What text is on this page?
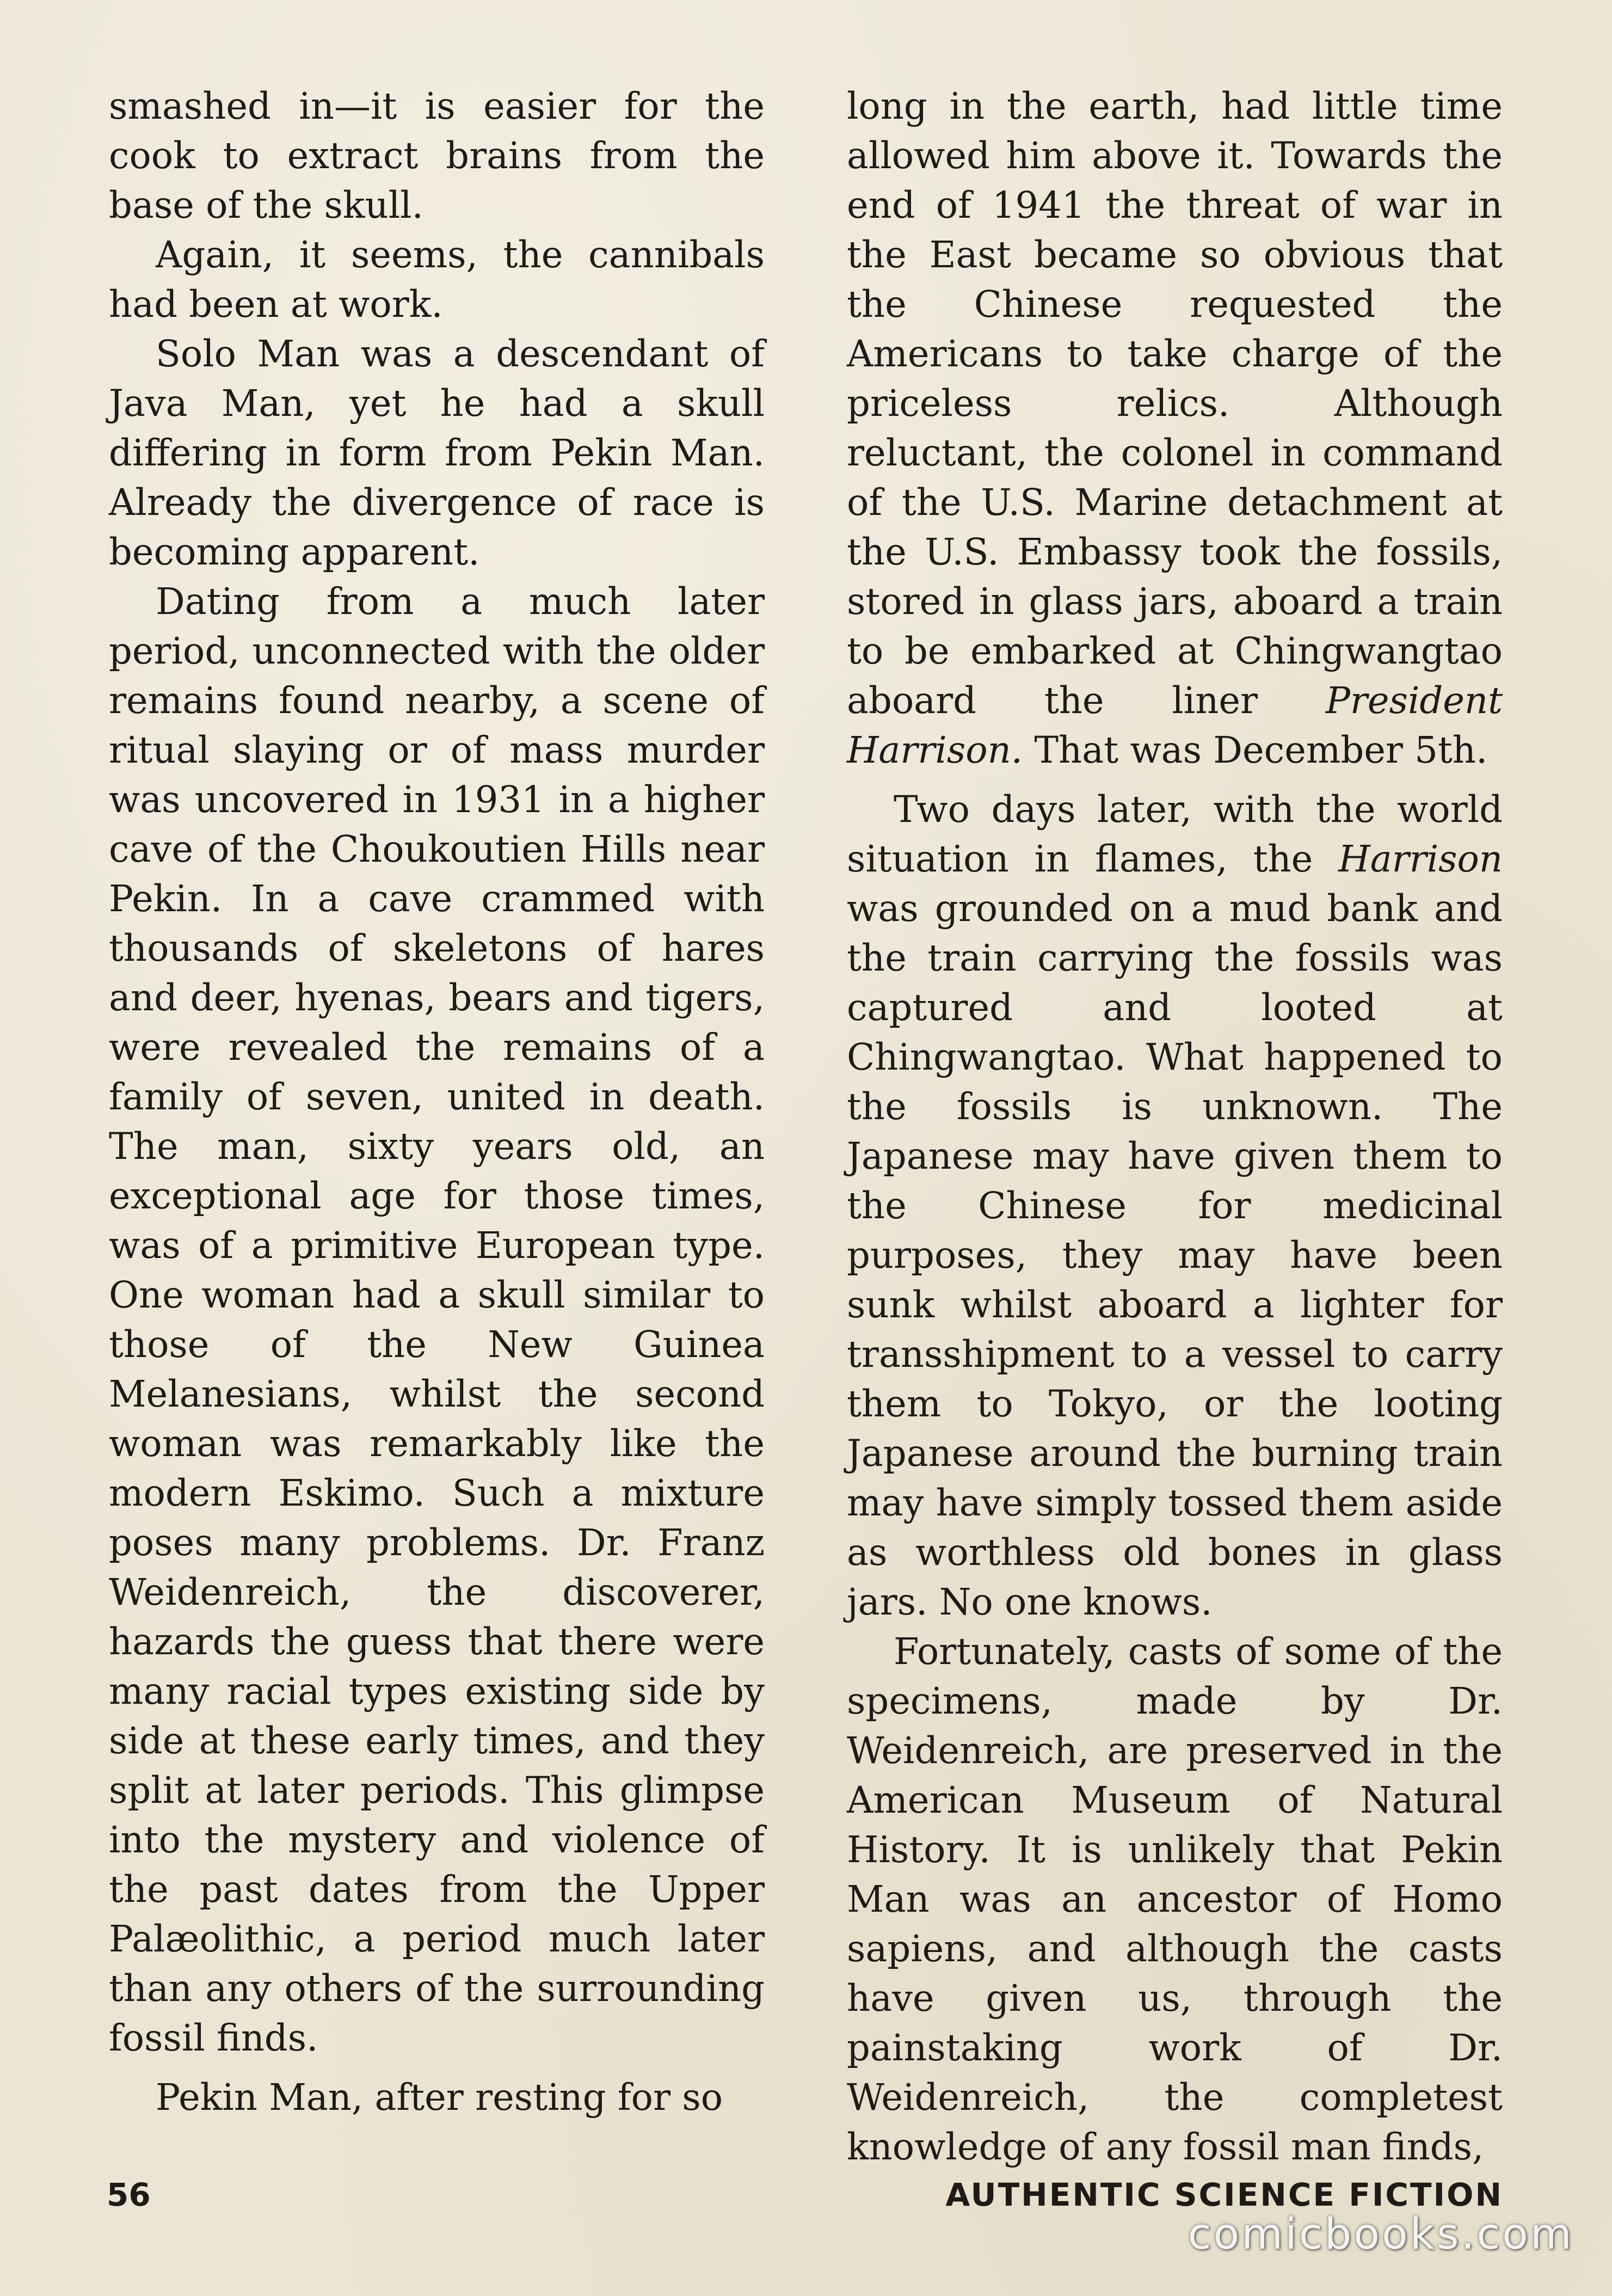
smashed in—it is easier for the cook to extract brains from the base of the skull.

Again, it seems, the cannibals had been at work.

Solo Man was a descendant of Java Man, yet he had a skull differing in form from Pekin Man. Already the divergence of race is becoming apparent.

Dating from a much later period, unconnected with the older remains found nearby, a scene of ritual slaying or of mass murder was uncovered in 1931 in a higher cave of the Choukoutien Hills near Pekin. In a cave crammed with thousands of skeletons of hares and deer, hyenas, bears and tigers, were revealed the remains of a family of seven, united in death. The man, sixty years old, an exceptional age for those times, was of a primitive European type. One woman had a skull similar to those of the New Guinea Melanesians, whilst the second woman was remarkably like the modern Eskimo. Such a mixture poses many problems. Dr. Franz Weidenreich, the discoverer, hazards the guess that there were many racial types existing side by side at these early times, and they split at later periods. This glimpse into the mystery and violence of the past dates from the Upper Palæolithic, a period much later than any others of the surrounding fossil finds.

Pekin Man, after resting for so

long in the earth, had little time allowed him above it. Towards the end of 1941 the threat of war in the East became so obvious that the Chinese requested the Americans to take charge of the priceless relics. Although reluctant, the colonel in command of the U.S. Marine detachment at the U.S. Embassy took the fossils, stored in glass jars, aboard a train to be embarked at Chingwangtao aboard the liner President Harrison. That was December 5th.

Two days later, with the world situation in flames, the Harrison was grounded on a mud bank and the train carrying the fossils was captured and looted at Chingwangtao. What happened to the fossils is unknown. The Japanese may have given them to the Chinese for medicinal purposes, they may have been sunk whilst aboard a lighter for transshipment to a vessel to carry them to Tokyo, or the looting Japanese around the burning train may have simply tossed them aside as worthless old bones in glass jars. No one knows.

Fortunately, casts of some of the specimens, made by Dr. Weidenreich, are preserved in the American Museum of Natural History. It is unlikely that Pekin Man was an ancestor of Homo sapiens, and although the casts have given us, through the painstaking work of Dr. Weidenreich, the completest knowledge of any fossil man finds,

56	AUTHENTIC SCIENCE FICTION
comicbooks.com
